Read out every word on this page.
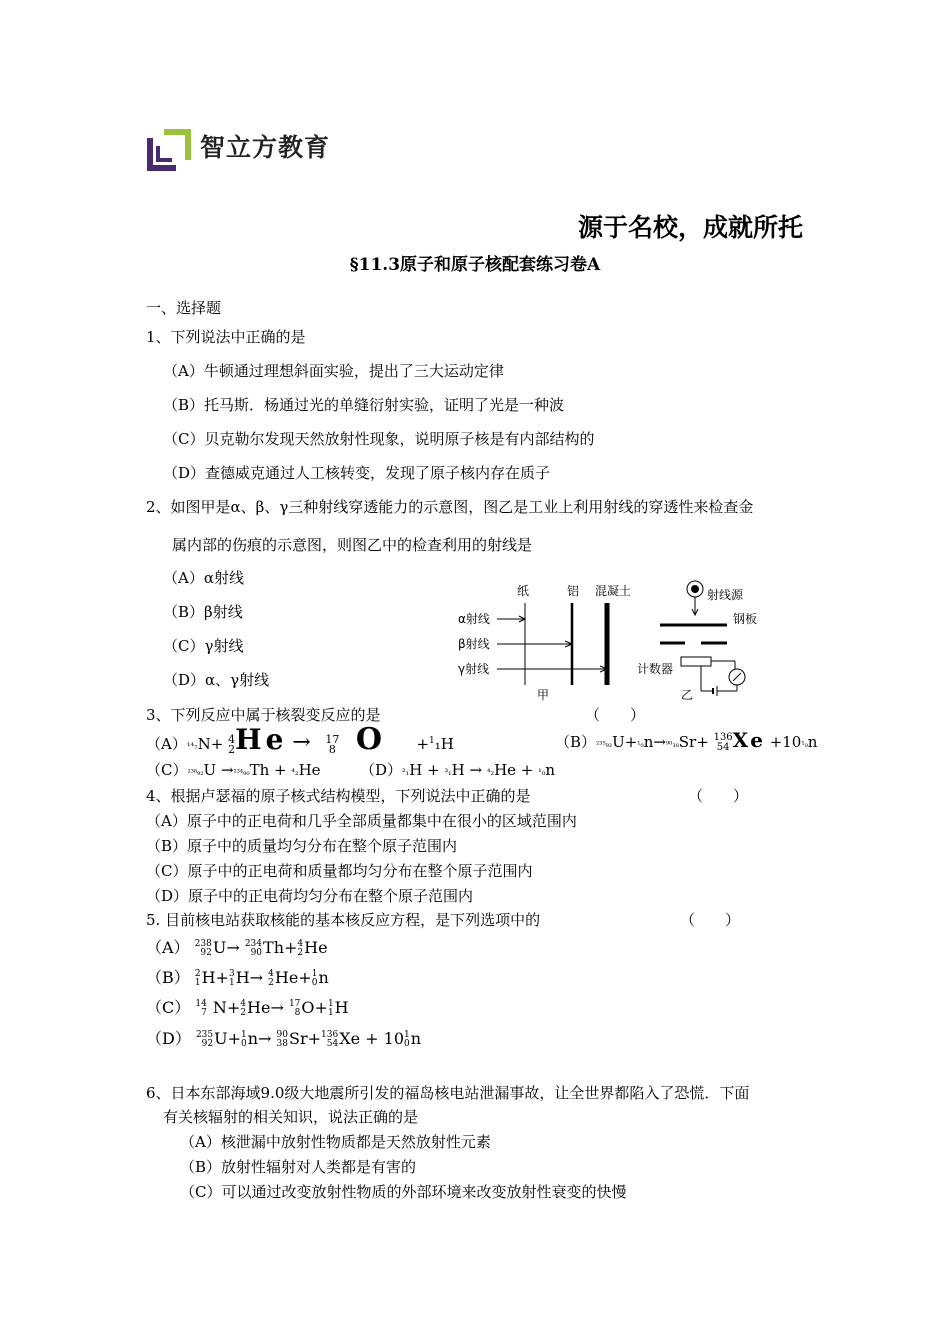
智立方教育
源于名校，成就所托
§11.3原子和原子核配套练习卷A
一、选择题
1、下列说法中正确的是
（A）牛顿通过理想斜面实验，提出了三大运动定律
（B）托马斯．杨通过光的单缝衍射实验，证明了光是一种波
（C）贝克勒尔发现天然放射性现象，说明原子核是有内部结构的
（D）查德威克通过人工核转变，发现了原子核内存在质子
2、如图甲是α、β、γ三种射线穿透能力的示意图，图乙是工业上利用射线的穿透性来检查金
属内部的伤痕的示意图，则图乙中的检查利用的射线是
（A）α射线
（B）β射线
（C）γ射线
（D）α、γ射线
纸	铝 混凝土
α射线
β射线
γ射线
甲
射线源
钢板
计数器
乙
3、下列反应中属于核裂变反应的是	（　　）
（A）¹⁴₇N+ 4
2He → 17
8 O +$^1$₁H	（B）²³⁵₉₂U+¹₀n→⁹⁰₃₈Sr+ 136
54 Xe +10¹₀n
（C）²³⁸₉₂U →²³⁴₉₀Th + ⁴₂He	（D）²₁H + ³₁H → ⁴₂He + ¹₀n
4、根据卢瑟福的原子核式结构模型，下列说法中正确的是	（　　）
（A）原子中的正电荷和几乎全部质量都集中在很小的区域范围内
（B）原子中的质量均匀分布在整个原子范围内
（C）原子中的正电荷和质量都均匀分布在整个原子范围内
（D）原子中的正电荷均匀分布在整个原子范围内
5. 目前核电站获取核能的基本核反应方程，是下列选项中的	（　　）
（A） 238
92U→ 234
90Th+4
2He
（B） 2
1H+3
1H→ 4
2He+1
0n
（C） 14
7 N+4
2He→ 17
8O+1
1H
（D） 235
92U+1
0n→ 90
38Sr+136
54Xe + 101
0n
6、日本东部海域9.0级大地震所引发的福岛核电站泄漏事故，让全世界都陷入了恐慌．下面
有关核辐射的相关知识，说法正确的是
（A）核泄漏中放射性物质都是天然放射性元素
（B）放射性辐射对人类都是有害的
（C）可以通过改变放射性物质的外部环境来改变放射性衰变的快慢
